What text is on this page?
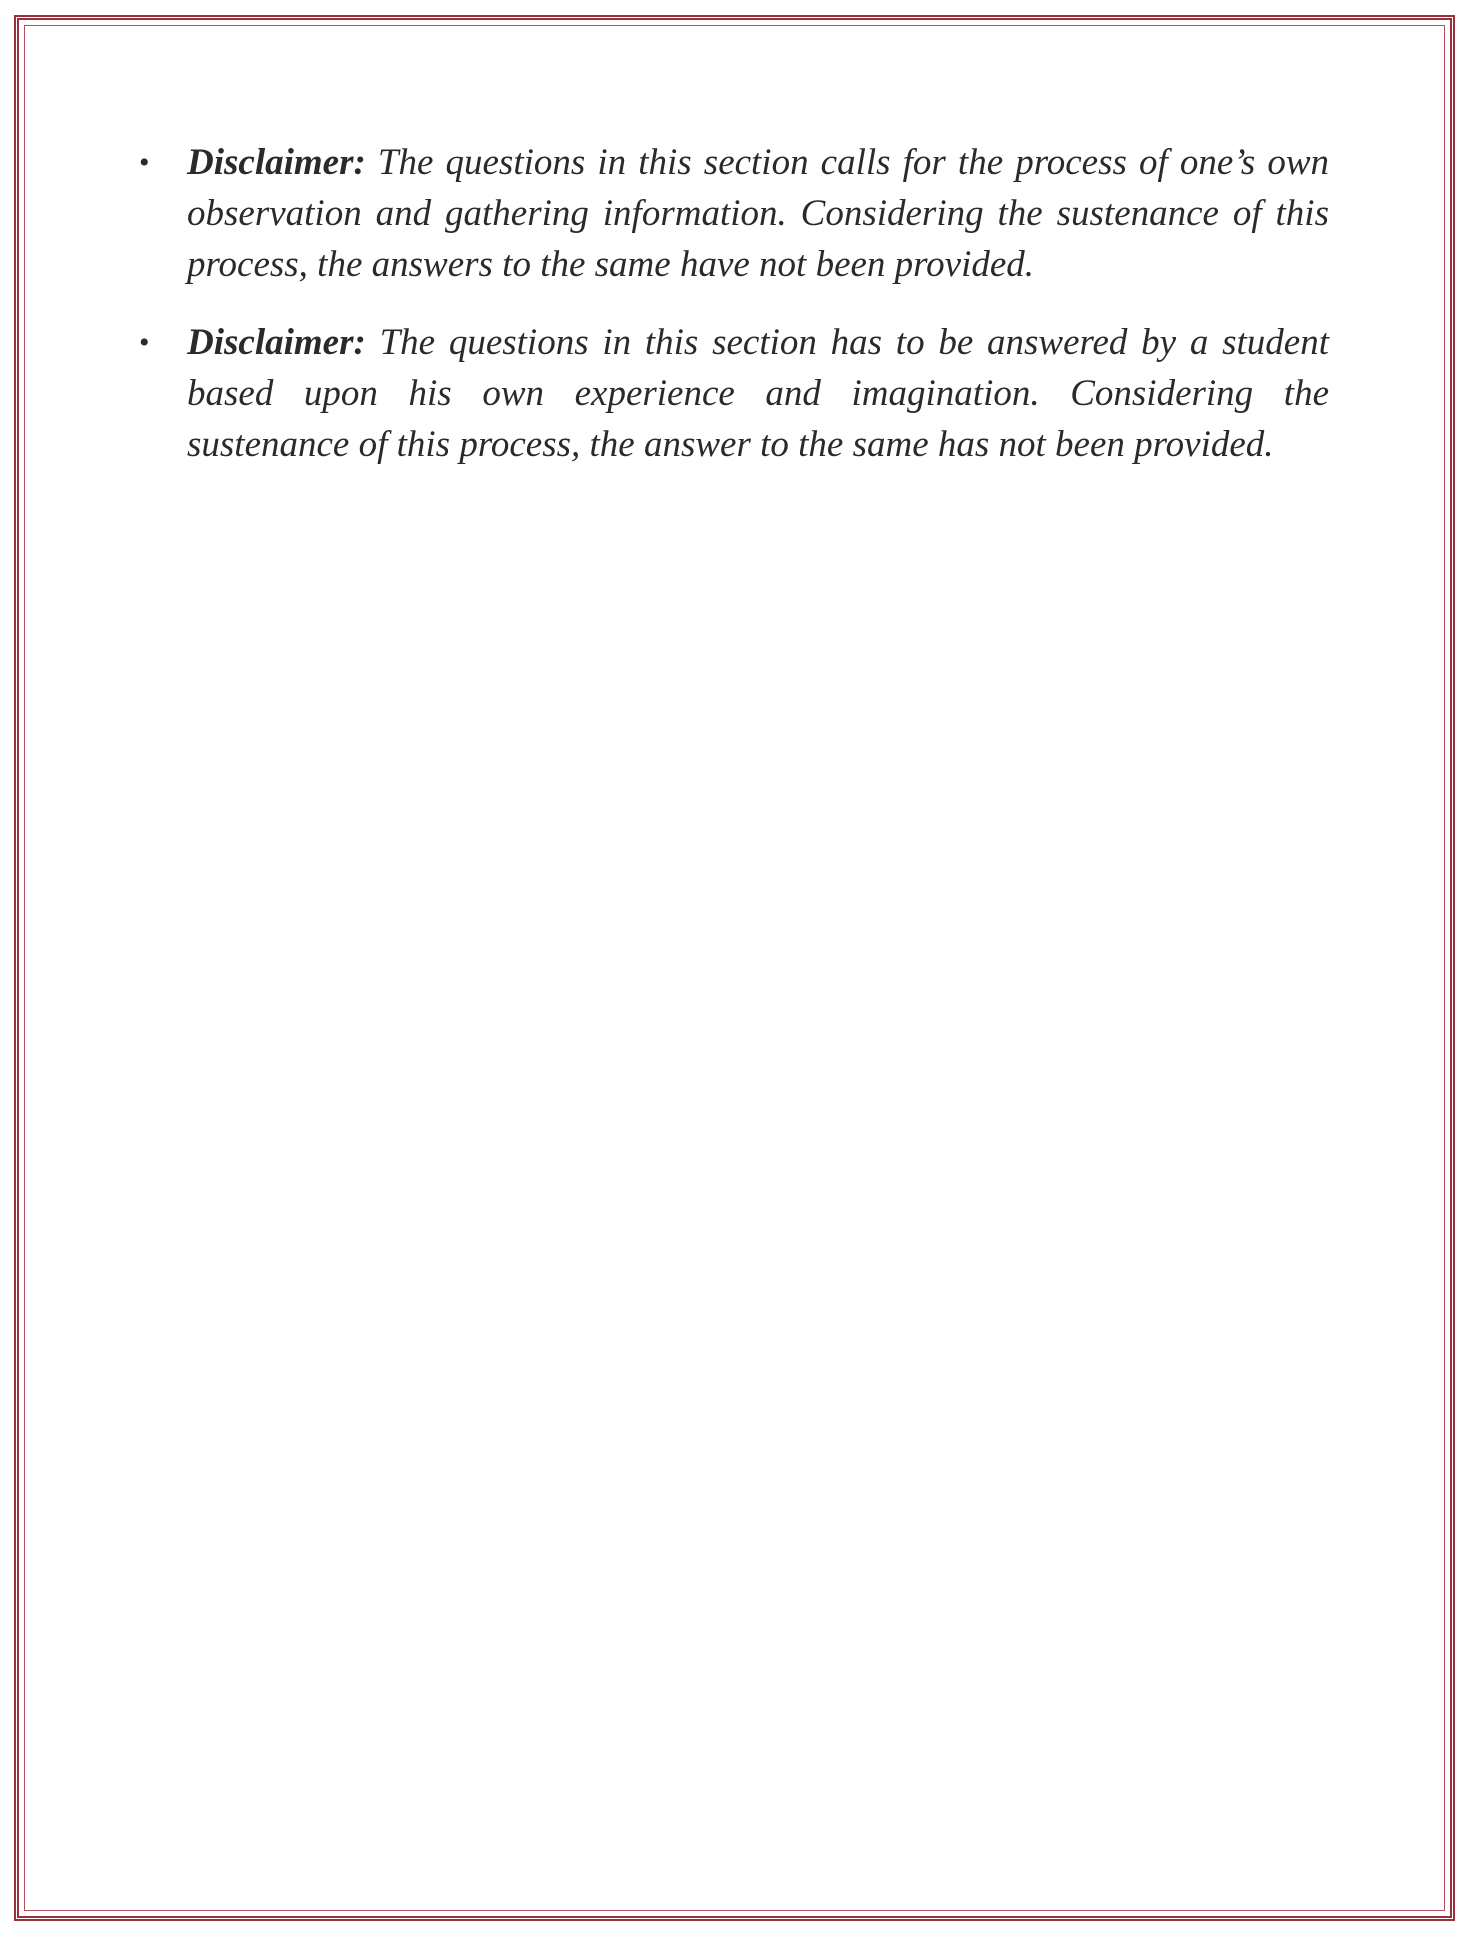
• Disclaimer: The questions in this section calls for the process of one’s own observation and gathering information. Considering the sustenance of this process, the answers to the same have not been provided.

• Disclaimer: The questions in this section has to be answered by a student based upon his own experience and imagination. Considering the sustenance of this process, the answer to the same has not been provided.
